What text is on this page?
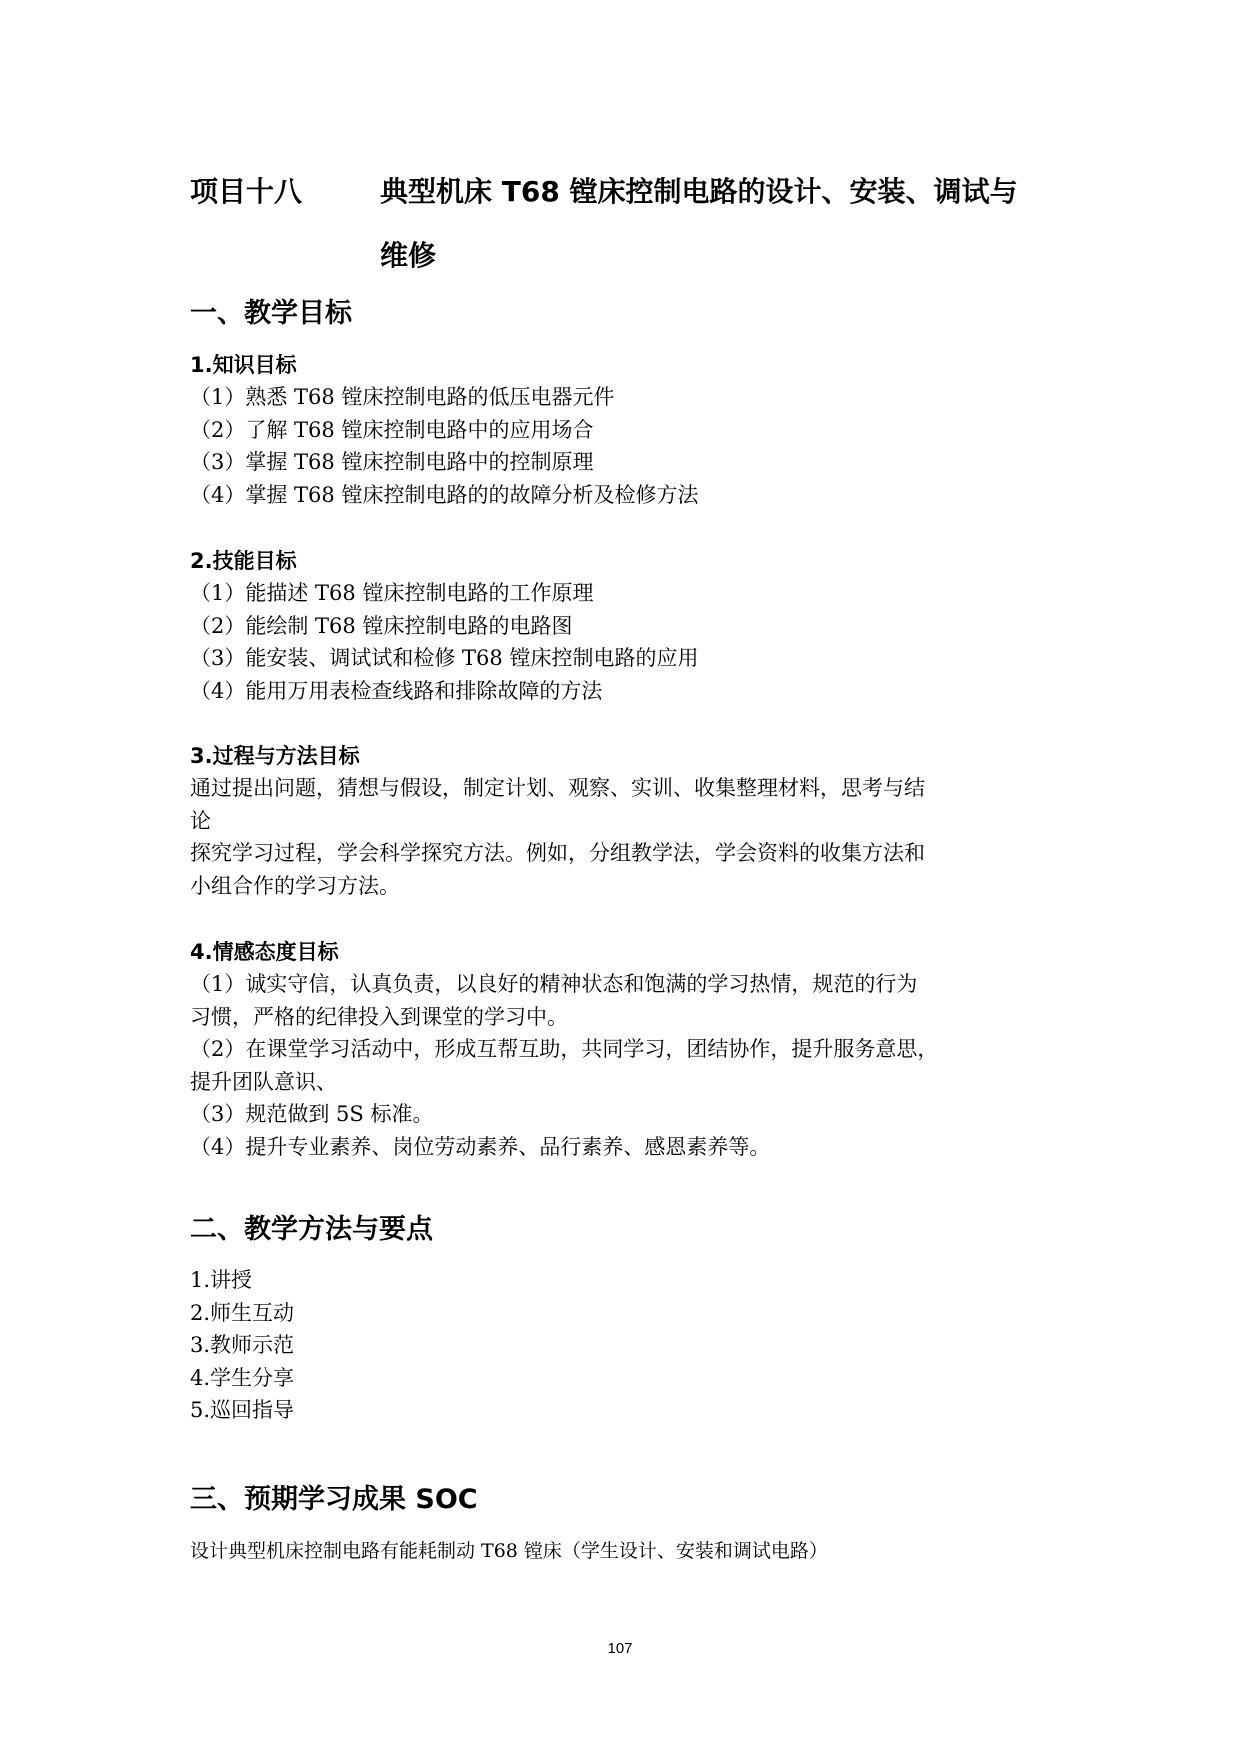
项目十八	典型机床 T68 镗床控制电路的设计、安装、调试与
维修
一、教学目标

1.知识目标

（1）熟悉 T68 镗床控制电路的低压电器元件

（2）了解 T68 镗床控制电路中的应用场合

（3）掌握 T68 镗床控制电路中的控制原理

（4）掌握 T68 镗床控制电路的的故障分析及检修方法

2.技能目标

（1）能描述 T68 镗床控制电路的工作原理

（2）能绘制 T68 镗床控制电路的电路图

（3）能安装、调试试和检修 T68 镗床控制电路的应用

（4）能用万用表检查线路和排除故障的方法

3.过程与方法目标

通过提出问题，猜想与假设，制定计划、观察、实训、收集整理材料，思考与结

论

探究学习过程，学会科学探究方法。例如，分组教学法，学会资料的收集方法和

小组合作的学习方法。

4.情感态度目标

（1）诚实守信，认真负责，以良好的精神状态和饱满的学习热情，规范的行为

习惯，严格的纪律投入到课堂的学习中。

（2）在课堂学习活动中，形成互帮互助，共同学习，团结协作，提升服务意思，

提升团队意识、

（3）规范做到 5S 标准。

（4）提升专业素养、岗位劳动素养、品行素养、感恩素养等。

二、教学方法与要点

1.讲授

2.师生互动

3.教师示范

4.学生分享

5.巡回指导

三、预期学习成果 SOC

设计典型机床控制电路有能耗制动 T68 镗床（学生设计、安装和调试电路）

107
